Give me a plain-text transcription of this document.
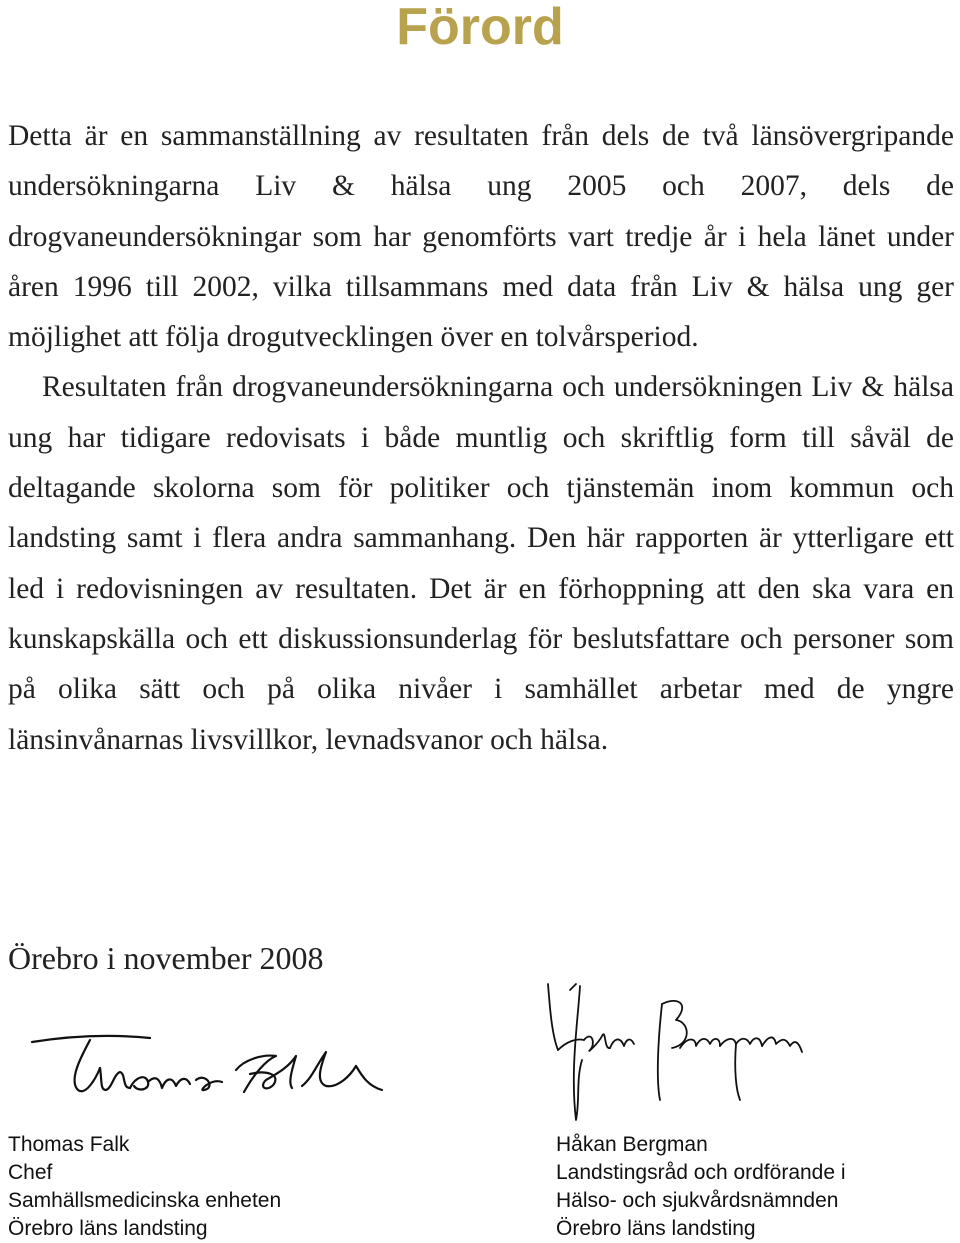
Förord

Detta är en sammanställning av resultaten från dels de två länsövergripande undersökningarna Liv & hälsa ung 2005 och 2007, dels de drogvaneundersökningar som har genomförts vart tredje år i hela länet under åren 1996 till 2002, vilka tillsammans med data från Liv & hälsa ung ger möjlighet att följa drogutvecklingen över en tolvårsperiod.

Resultaten från drogvaneundersökningarna och undersökningen Liv & hälsa ung har tidigare redovisats i både muntlig och skriftlig form till såväl de deltagande skolorna som för politiker och tjänstemän inom kommun och landsting samt i flera andra sammanhang. Den här rapporten är ytterligare ett led i redovisningen av resultaten. Det är en förhoppning att den ska vara en kunskapskälla och ett diskussionsunderlag för beslutsfattare och personer som på olika sätt och på olika nivåer i samhället arbetar med de yngre länsinvånarnas livsvillkor, levnadsvanor och hälsa.

Örebro i november 2008
Thomas Falk
Chef
Samhällsmedicinska enheten
Örebro läns landsting
Håkan Bergman
Landstingsråd och ordförande i
Hälso- och sjukvårdsnämnden
Örebro läns landsting
